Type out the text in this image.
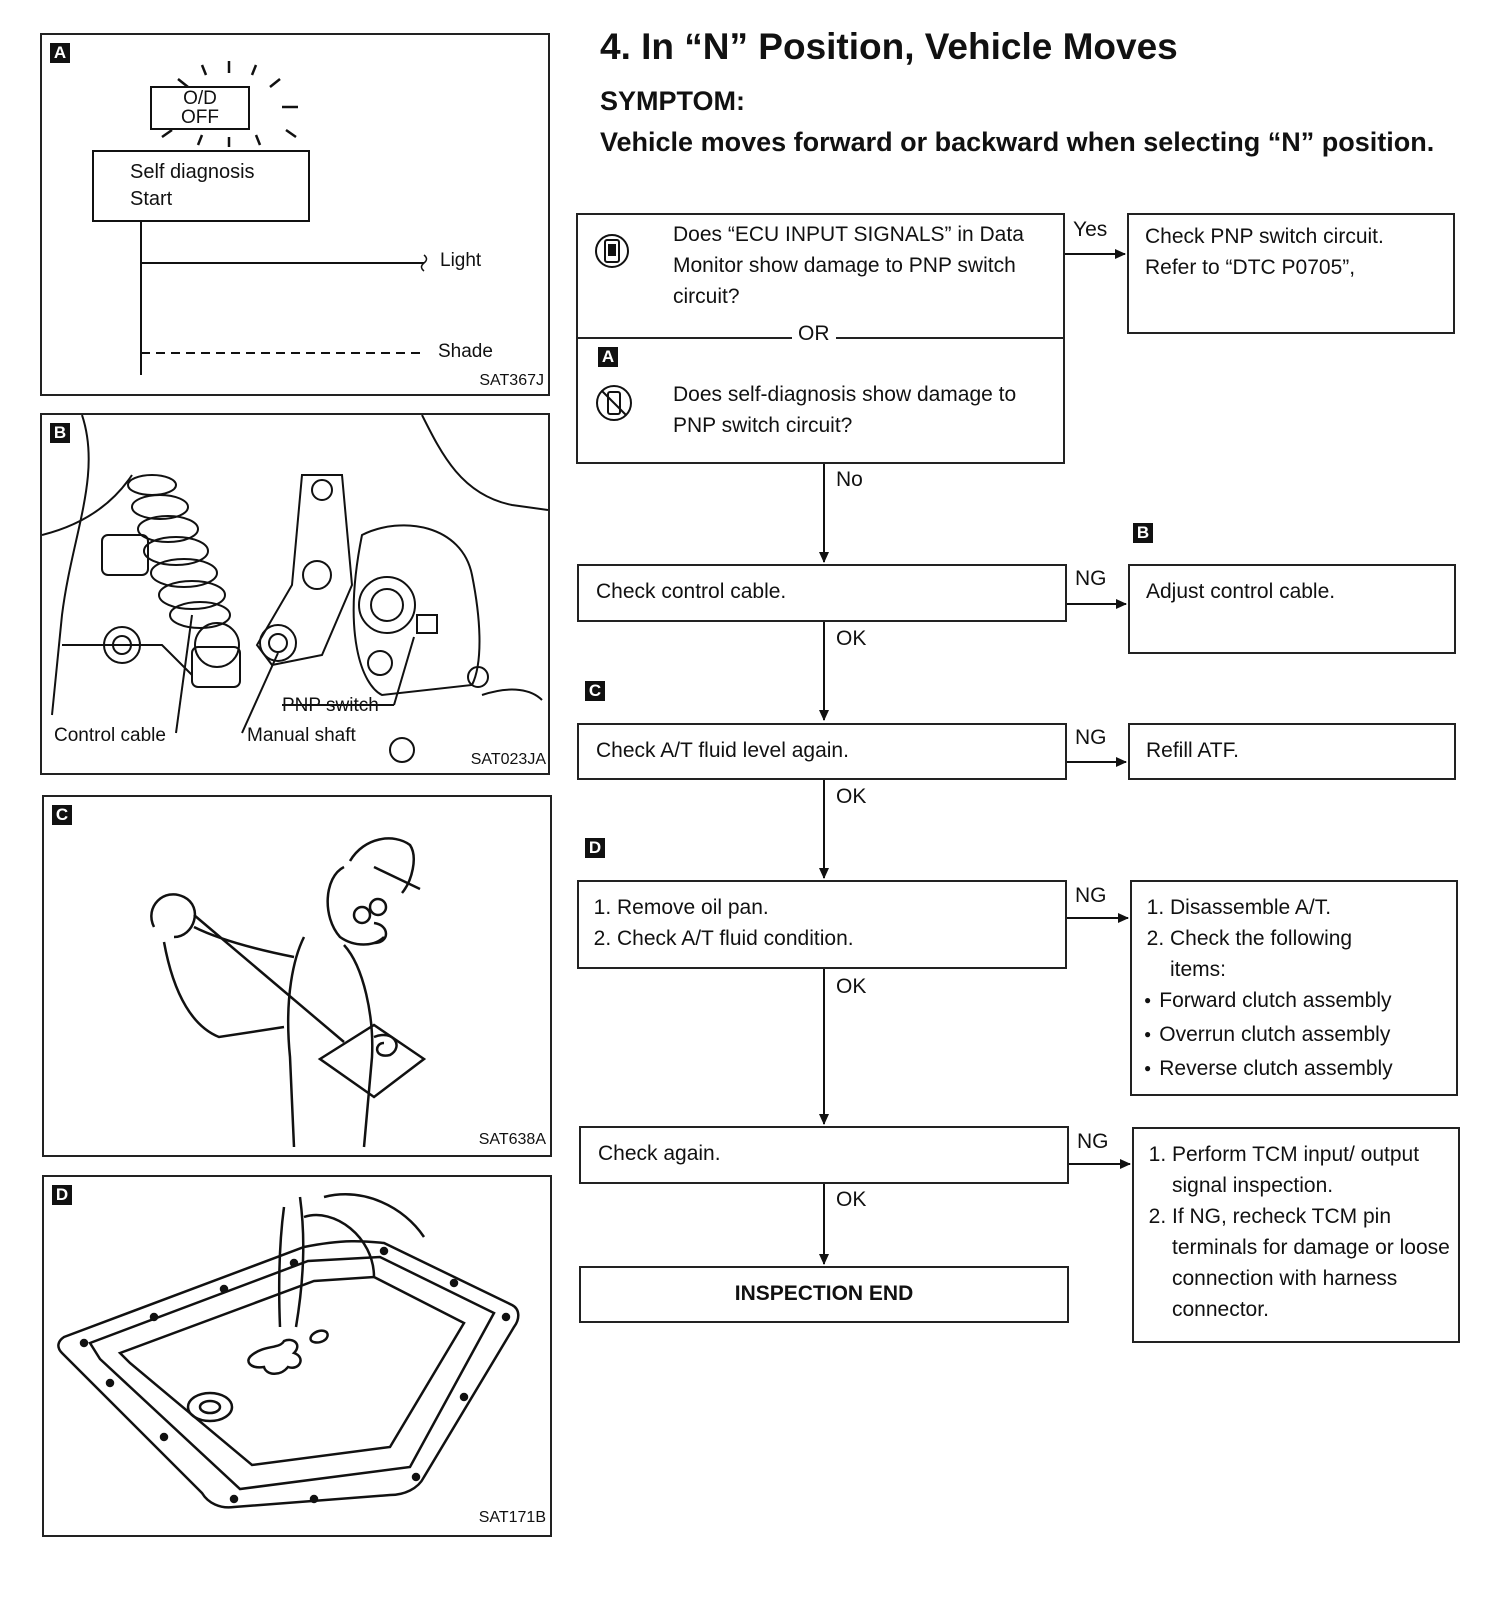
A
O/D
OFF
Self diagnosis
Start
Light
Shade
SAT367J
B
PNP switch
Control cable	Manual shaft
SAT023JA
C
SAT638A
D
SAT171B
4. In “N” Position, Vehicle Moves
SYMPTOM:
Vehicle moves forward or backward when selecting “N” position.
Does “ECU INPUT SIGNALS” in Data Monitor show damage to PNP switch circuit?
OR
A
Does self-diagnosis show damage to PNP switch circuit?
Yes	Check PNP switch circuit. Refer to “DTC P0705”,
No
B
Check control cable.
NG
Adjust control cable.
OK
C
Check A/T fluid level again.
NG
Refill ATF.
OK
D
1. Remove oil pan.
2. Check A/T fluid condition.
NG
1. Disassemble A/T.
2. Check the following items:
● Forward clutch assembly
● Overrun clutch assembly
● Reverse clutch assembly
OK
Check again.
NG
1. Perform TCM input/ output signal inspection.
2. If NG, recheck TCM pin terminals for damage or loose connection with harness connector.
OK
INSPECTION END
